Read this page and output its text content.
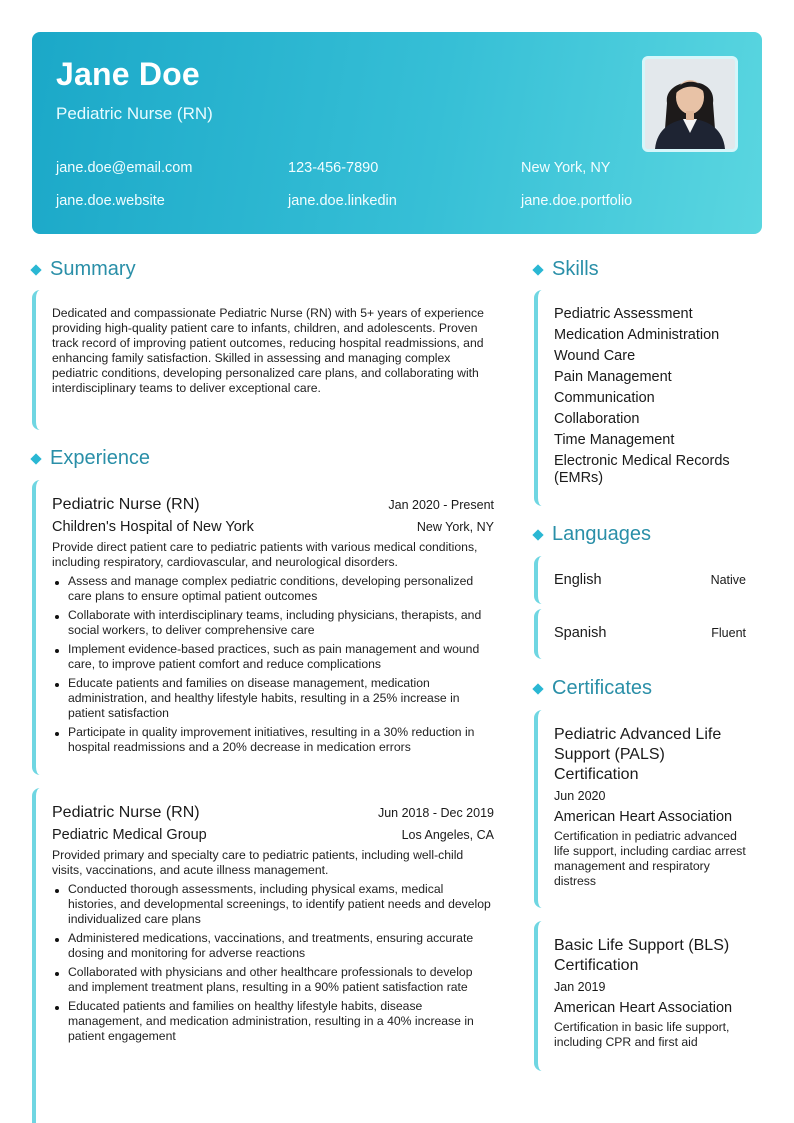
Jane Doe
Pediatric Nurse (RN)
jane.doe@email.com	123-456-7890	New York, NY
jane.doe.website	jane.doe.linkedin	jane.doe.portfolio
Summary
Dedicated and compassionate Pediatric Nurse (RN) with 5+ years of experience providing high-quality patient care to infants, children, and adolescents. Proven track record of improving patient outcomes, reducing hospital readmissions, and enhancing family satisfaction. Skilled in assessing and managing complex pediatric conditions, developing personalized care plans, and collaborating with interdisciplinary teams to deliver exceptional care.
Experience
Pediatric Nurse (RN)	Jan 2020 - Present
Children's Hospital of New York	New York, NY
Provide direct patient care to pediatric patients with various medical conditions, including respiratory, cardiovascular, and neurological disorders.
Assess and manage complex pediatric conditions, developing personalized care plans to ensure optimal patient outcomes
Collaborate with interdisciplinary teams, including physicians, therapists, and social workers, to deliver comprehensive care
Implement evidence-based practices, such as pain management and wound care, to improve patient comfort and reduce complications
Educate patients and families on disease management, medication administration, and healthy lifestyle habits, resulting in a 25% increase in patient satisfaction
Participate in quality improvement initiatives, resulting in a 30% reduction in hospital readmissions and a 20% decrease in medication errors
Pediatric Nurse (RN)	Jun 2018 - Dec 2019
Pediatric Medical Group	Los Angeles, CA
Provided primary and specialty care to pediatric patients, including well-child visits, vaccinations, and acute illness management.
Conducted thorough assessments, including physical exams, medical histories, and developmental screenings, to identify patient needs and develop individualized care plans
Administered medications, vaccinations, and treatments, ensuring accurate dosing and monitoring for adverse reactions
Collaborated with physicians and other healthcare professionals to develop and implement treatment plans, resulting in a 90% patient satisfaction rate
Educated patients and families on healthy lifestyle habits, disease management, and medication administration, resulting in a 40% increase in patient engagement
Skills
Pediatric Assessment
Medication Administration
Wound Care
Pain Management
Communication
Collaboration
Time Management
Electronic Medical Records (EMRs)
Languages
English	Native
Spanish	Fluent
Certificates
Pediatric Advanced Life Support (PALS) Certification
Jun 2020
American Heart Association
Certification in pediatric advanced life support, including cardiac arrest management and respiratory distress
Basic Life Support (BLS) Certification
Jan 2019
American Heart Association
Certification in basic life support, including CPR and first aid
